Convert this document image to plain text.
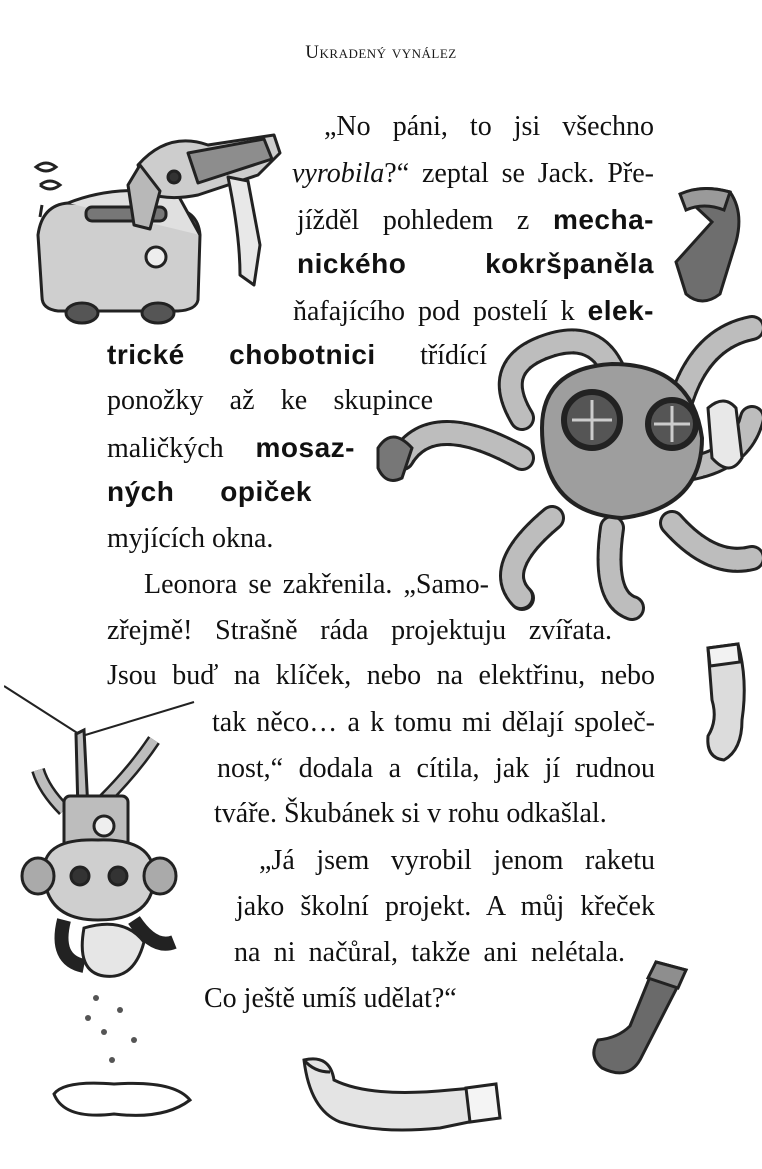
Ukradený vynález
„No páni, to jsi všechno
vyrobila?“ zeptal se Jack. Pře-
jížděl pohledem z mecha-
nického	kokršpaněla
ňafajícího pod postelí k elek-
trické chobotnici třídící
ponožky až ke skupince
maličkých mosaz-
ných opiček
myjících okna.
Leonora se zakřenila. „Samo-
zřejmě! Strašně ráda projektuju zvířata.
Jsou buď na klíček, nebo na elektřinu, nebo
tak něco… a k tomu mi dělají společ-
nost,“ dodala a cítila, jak jí rudnou
tváře. Škubánek si v rohu odkašlal.
„Já jsem vyrobil jenom raketu
jako školní projekt. A můj křeček
na ni načůral, takže ani nelétala.
Co ještě umíš udělat?“
